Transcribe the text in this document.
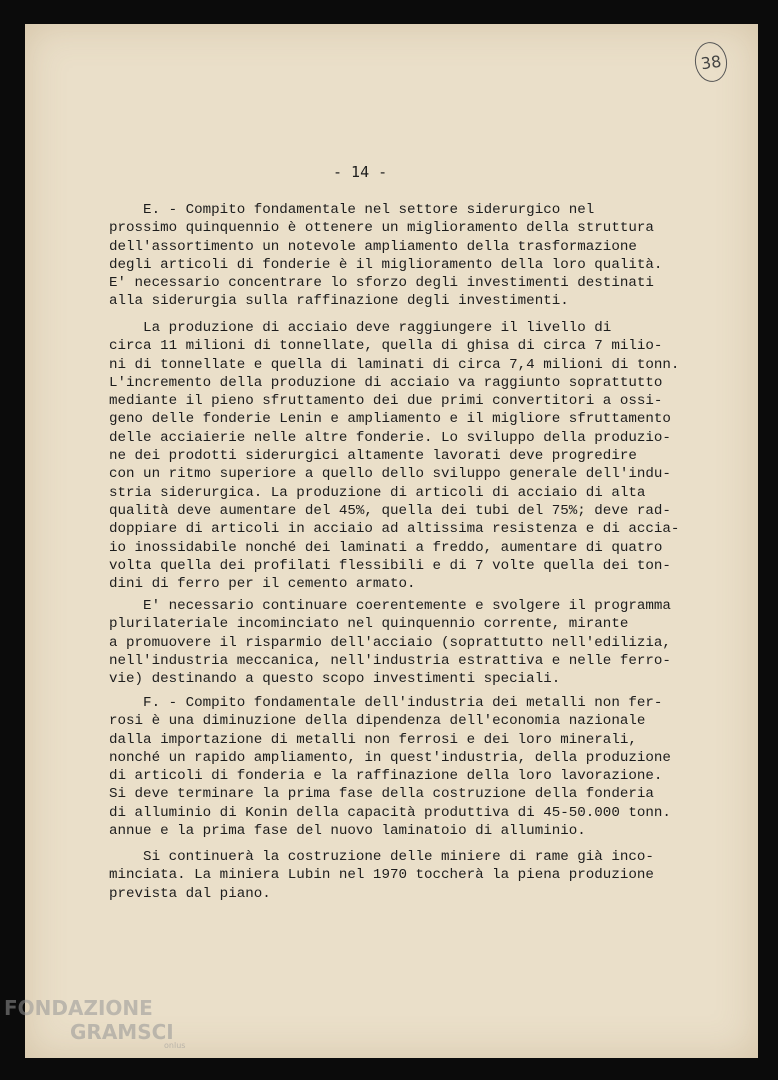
38
- 14 -

E. - Compito fondamentale nel settore siderurgico nel
prossimo quinquennio è ottenere un miglioramento della struttura
dell'assortimento un notevole ampliamento della trasformazione
degli articoli di fonderie è il miglioramento della loro qualità.
E' necessario concentrare lo sforzo degli investimenti destinati
alla siderurgia sulla raffinazione degli investimenti.

La produzione di acciaio deve raggiungere il livello di
circa 11 milioni di tonnellate, quella di ghisa di circa 7 milio-
ni di tonnellate e quella di laminati di circa 7,4 milioni di tonn.
L'incremento della produzione di acciaio va raggiunto soprattutto
mediante il pieno sfruttamento dei due primi convertitori a ossi-
geno delle fonderie Lenin e ampliamento e il migliore sfruttamento
delle acciaierie nelle altre fonderie. Lo sviluppo della produzio-
ne dei prodotti siderurgici altamente lavorati deve progredire
con un ritmo superiore a quello dello sviluppo generale dell'indu-
stria siderurgica. La produzione di articoli di acciaio di alta
qualità deve aumentare del 45%, quella dei tubi del 75%; deve rad-
doppiare di articoli in acciaio ad altissima resistenza e di accia-
io inossidabile nonché dei laminati a freddo, aumentare di quatro
volta quella dei profilati flessibili e di 7 volte quella dei ton-
dini di ferro per il cemento armato.

E' necessario continuare coerentemente e svolgere il programma
plurilateriale incominciato nel quinquennio corrente, mirante
a promuovere il risparmio dell'acciaio (soprattutto nell'edilizia,
nell'industria meccanica, nell'industria estrattiva e nelle ferro-
vie) destinando a questo scopo investimenti speciali.

F. - Compito fondamentale dell'industria dei metalli non fer-
rosi è una diminuzione della dipendenza dell'economia nazionale
dalla importazione di metalli non ferrosi e dei loro minerali,
nonché un rapido ampliamento, in quest'industria, della produzione
di articoli di fonderia e la raffinazione della loro lavorazione.
Si deve terminare la prima fase della costruzione della fonderia
di alluminio di Konin della capacità produttiva di 45-50.000 tonn.
annue e la prima fase del nuovo laminatoio di alluminio.

Si continuerà la costruzione delle miniere di rame già inco-
minciata. La miniera Lubin nel 1970 toccherà la piena produzione
prevista dal piano.

FONDAZIONE
GRAMSCI
onlus
